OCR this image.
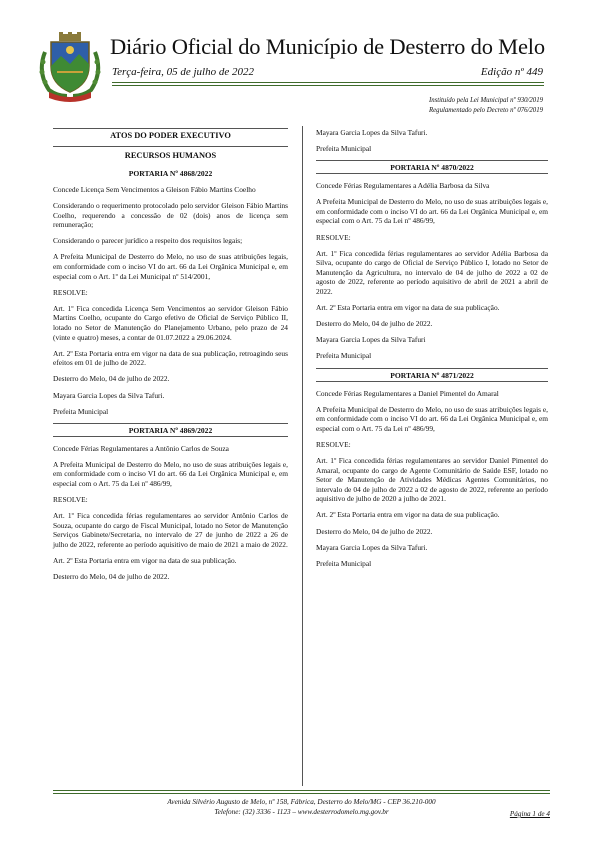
Diário Oficial do Município de Desterro do Melo
Terça-feira, 05 de julho de 2022	Edição nº 449
Instituído pela Lei Municipal nº 930/2019
Regulamentado pelo Decreto nº 076/2019

ATOS DO PODER EXECUTIVO

RECURSOS HUMANOS

PORTARIA Nº 4868/2022

Concede Licença Sem Vencimentos a Gleison Fábio Martins Coelho

Considerando o requerimento protocolado pelo servidor Gleison Fábio Martins Coelho, requerendo a concessão de 02 (dois) anos de licença sem remuneração;

Considerando o parecer jurídico a respeito dos requisitos legais;

A Prefeita Municipal de Desterro do Melo, no uso de suas atribuições legais, em conformidade com o inciso VI do art. 66 da Lei Orgânica Municipal e, em especial com o Art. 1º da Lei Municipal nº 514/2001,

RESOLVE:

Art. 1º Fica concedida Licença Sem Vencimentos ao servidor Gleison Fábio Martins Coelho, ocupante do Cargo efetivo de Oficial de Serviço Público II, lotado no Setor de Manutenção do Planejamento Urbano, pelo prazo de 24 (vinte e quatro) meses, a contar de 01.07.2022 a 29.06.2024.

Art. 2º Esta Portaria entra em vigor na data de sua publicação, retroagindo seus efeitos em 01 de julho de 2022.

Desterro do Melo, 04 de julho de 2022.

Mayara Garcia Lopes da Silva Tafuri.

Prefeita Municipal

PORTARIA Nº 4869/2022

Concede Férias Regulamentares a Antônio Carlos de Souza

A Prefeita Municipal de Desterro do Melo, no uso de suas atribuições legais e, em conformidade com o inciso VI do art. 66 da Lei Orgânica Municipal e, em especial com o Art. 75 da Lei nº 486/99,

RESOLVE:

Art. 1º Fica concedida férias regulamentares ao servidor Antônio Carlos de Souza, ocupante do cargo de Fiscal Municipal, lotado no Setor de Manutenção Serviços Gabinete/Secretaria, no intervalo de 27 de junho de 2022 a 26 de julho de 2022, referente ao período aquisitivo de maio de 2021 a maio de 2022.

Art. 2º Esta Portaria entra em vigor na data de sua publicação.

Desterro do Melo, 04 de julho de 2022.

Mayara Garcia Lopes da Silva Tafuri.

Prefeita Municipal

PORTARIA Nº 4870/2022

Concede Férias Regulamentares a Adélia Barbosa da Silva

A Prefeita Municipal de Desterro do Melo, no uso de suas atribuições legais e, em conformidade com o inciso VI do art. 66 da Lei Orgânica Municipal e, em especial com o Art. 75 da Lei nº 486/99,

RESOLVE:

Art. 1º Fica concedida férias regulamentares ao servidor Adélia Barbosa da Silva, ocupante do cargo de Oficial de Serviço Público I, lotado no Setor de Manutenção da Agricultura, no intervalo de 04 de julho de 2022 a 02 de agosto de 2022, referente ao período aquisitivo de abril de 2021 a abril de 2022.

Art. 2º Esta Portaria entra em vigor na data de sua publicação.

Desterro do Melo, 04 de julho de 2022.

Mayara Garcia Lopes da Silva Tafuri

Prefeita Municipal

PORTARIA Nº 4871/2022

Concede Férias Regulamentares a Daniel Pimentel do Amaral

A Prefeita Municipal de Desterro do Melo, no uso de suas atribuições legais e, em conformidade com o inciso VI do art. 66 da Lei Orgânica Municipal e, em especial com o Art. 75 da Lei nº 486/99,

RESOLVE:

Art. 1º Fica concedida férias regulamentares ao servidor Daniel Pimentel do Amaral, ocupante do cargo de Agente Comunitário de Saúde ESF, lotado no Setor de Manutenção de Atividades Médicas Agentes Comunitários, no intervalo de 04 de julho de 2022 a 02 de agosto de 2022, referente ao período aquisitivo de julho de 2020 a julho de 2021.

Art. 2º Esta Portaria entra em vigor na data de sua publicação.

Desterro do Melo, 04 de julho de 2022.

Mayara Garcia Lopes da Silva Tafuri.

Prefeita Municipal

Avenida Silvério Augusto de Melo, nº 158, Fábrica, Desterro do Melo/MG - CEP 36.210-000
Telefone: (32) 3336 - 1123 – www.desterrodomelo.mg.gov.br	Página 1 de 4
